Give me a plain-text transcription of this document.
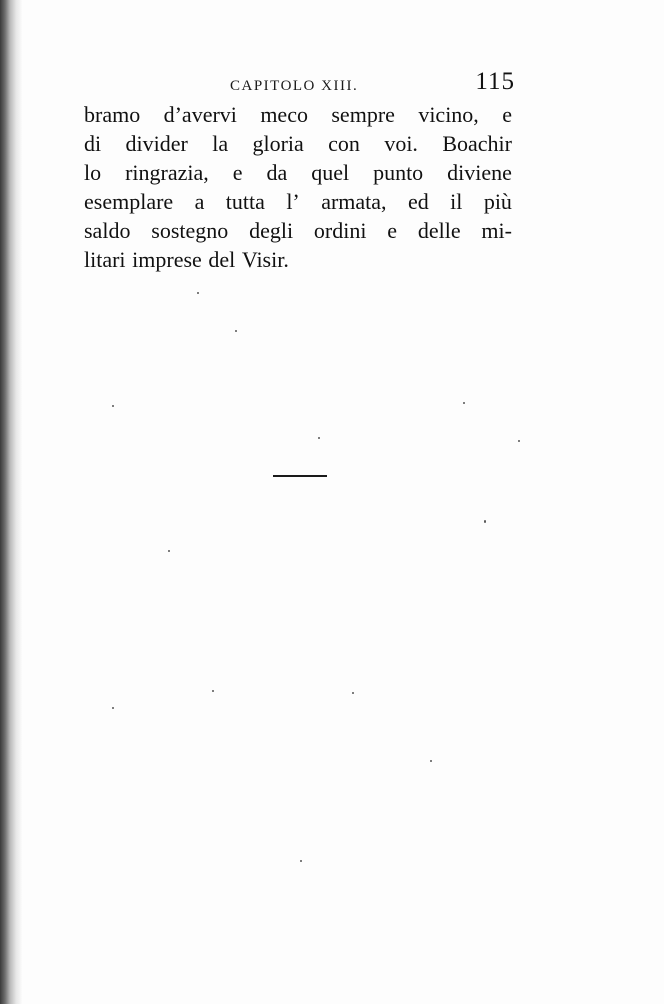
CAPITOLO XIII.	115
bramo d’avervi meco sempre vicino, e
di divider la gloria con voi. Boachir
lo ringrazia, e da quel punto diviene
esemplare a tutta l’ armata, ed il più
saldo sostegno degli ordini e delle mi-
litari imprese del Visir.
